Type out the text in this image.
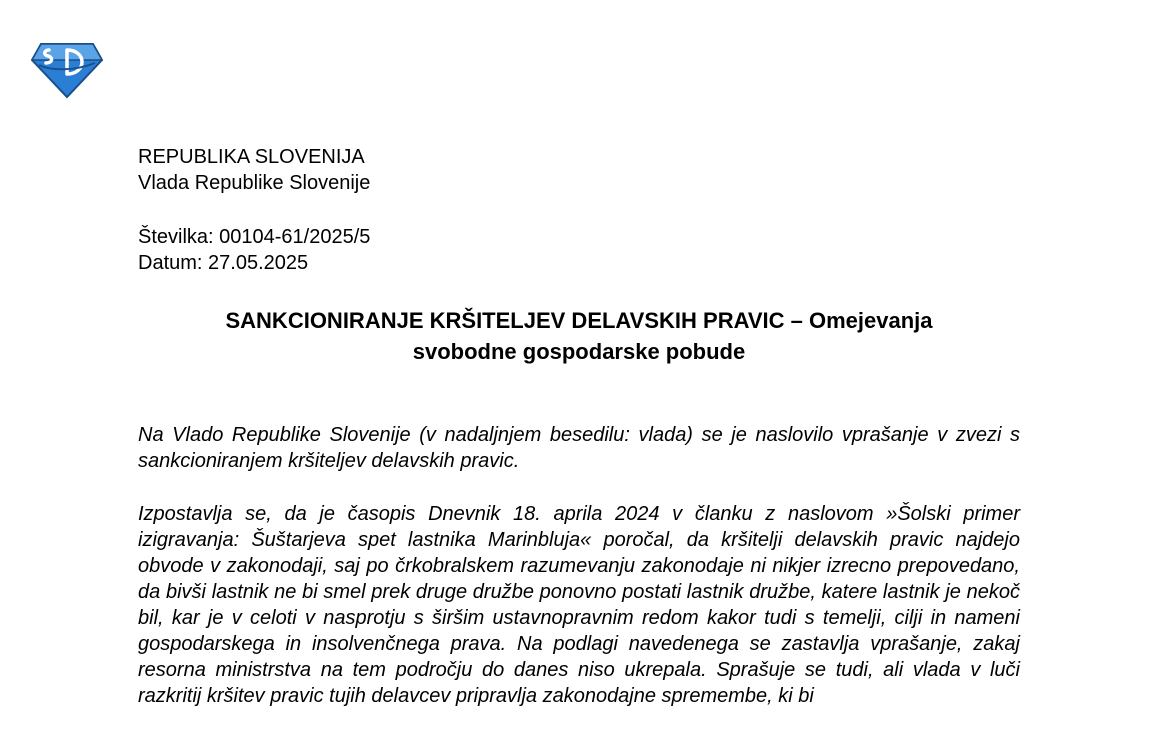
REPUBLIKA SLOVENIJA
Vlada Republike Slovenije
Številka: 00104-61/2025/5
Datum: 27.05.2025
SANKCIONIRANJE KRŠITELJEV DELAVSKIH PRAVIC – Omejevanja
svobodne gospodarske pobude

Na Vlado Republike Slovenije (v nadaljnjem besedilu: vlada) se je naslovilo vprašanje v zvezi s sankcioniranjem kršiteljev delavskih pravic.

Izpostavlja se, da je časopis Dnevnik 18. aprila 2024 v članku z naslovom »Šolski primer izigravanja: Šuštarjeva spet lastnika Marinbluja« poročal, da kršitelji delavskih pravic najdejo obvode v zakonodaji, saj po črkobralskem razumevanju zakonodaje ni nikjer izrecno prepovedano, da bivši lastnik ne bi smel prek druge družbe ponovno postati lastnik družbe, katere lastnik je nekoč bil, kar je v celoti v nasprotju s širšim ustavnopravnim redom kakor tudi s temelji, cilji in nameni gospodarskega in insolvenčnega prava. Na podlagi navedenega se zastavlja vprašanje, zakaj resorna ministrstva na tem področju do danes niso ukrepala. Sprašuje se tudi, ali vlada v luči razkritij kršitev pravic tujih delavcev pripravlja zakonodajne spremembe, ki bi
